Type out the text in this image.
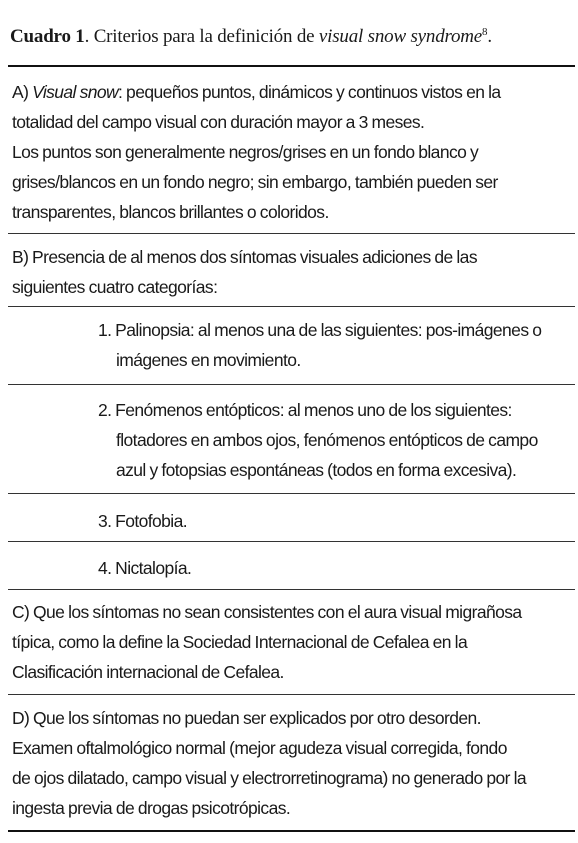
Cuadro 1. Criterios para la definición de visual snow syndrome$^8$.
A) Visual snow: pequeños puntos, dinámicos y continuos vistos en la
totalidad del campo visual con duración mayor a 3 meses.
Los puntos son generalmente negros/grises en un fondo blanco y
grises/blancos en un fondo negro; sin embargo, también pueden ser
transparentes, blancos brillantes o coloridos.
B) Presencia de al menos dos síntomas visuales adiciones de las
siguientes cuatro categorías:
1. Palinopsia: al menos una de las siguientes: pos-imágenes o
imágenes en movimiento.
2. Fenómenos entópticos: al menos uno de los siguientes:
flotadores en ambos ojos, fenómenos entópticos de campo
azul y fotopsias espontáneas (todos en forma excesiva).
3. Fotofobia.
4. Nictalopía.
C) Que los síntomas no sean consistentes con el aura visual migrañosa
típica, como la define la Sociedad Internacional de Cefalea en la
Clasificación internacional de Cefalea.
D) Que los síntomas no puedan ser explicados por otro desorden.
Examen oftalmológico normal (mejor agudeza visual corregida, fondo
de ojos dilatado, campo visual y electrorretinograma) no generado por la
ingesta previa de drogas psicotrópicas.
